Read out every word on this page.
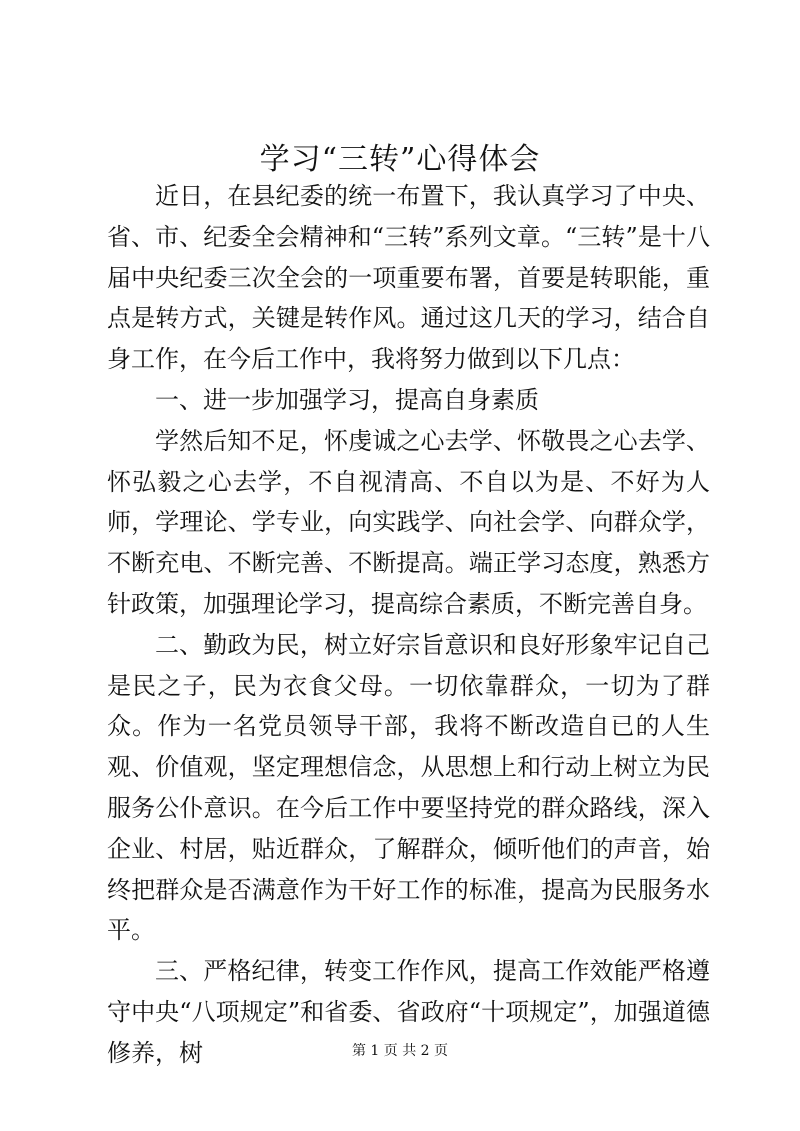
学习“三转”心得体会

近日，在县纪委的统一布置下，我认真学习了中央、省、市、纪委全会精神和“三转”系列文章。“三转”是十八届中央纪委三次全会的一项重要布署，首要是转职能，重点是转方式，关键是转作风。通过这几天的学习，结合自身工作，在今后工作中，我将努力做到以下几点：

一、进一步加强学习，提高自身素质

学然后知不足，怀虔诚之心去学、怀敬畏之心去学、怀弘毅之心去学，不自视清高、不自以为是、不好为人师，学理论、学专业，向实践学、向社会学、向群众学，不断充电、不断完善、不断提高。端正学习态度，熟悉方针政策，加强理论学习，提高综合素质，不断完善自身。

二、勤政为民，树立好宗旨意识和良好形象牢记自己是民之子，民为衣食父母。一切依靠群众，一切为了群众。作为一名党员领导干部，我将不断改造自已的人生观、价值观，坚定理想信念，从思想上和行动上树立为民服务公仆意识。在今后工作中要坚持党的群众路线，深入企业、村居，贴近群众，了解群众，倾听他们的声音，始终把群众是否满意作为干好工作的标准，提高为民服务水平。

三、严格纪律，转变工作作风，提高工作效能严格遵守中央“八项规定”和省委、省政府“十项规定”，加强道德修养，树	第 1 页 共 2 页
